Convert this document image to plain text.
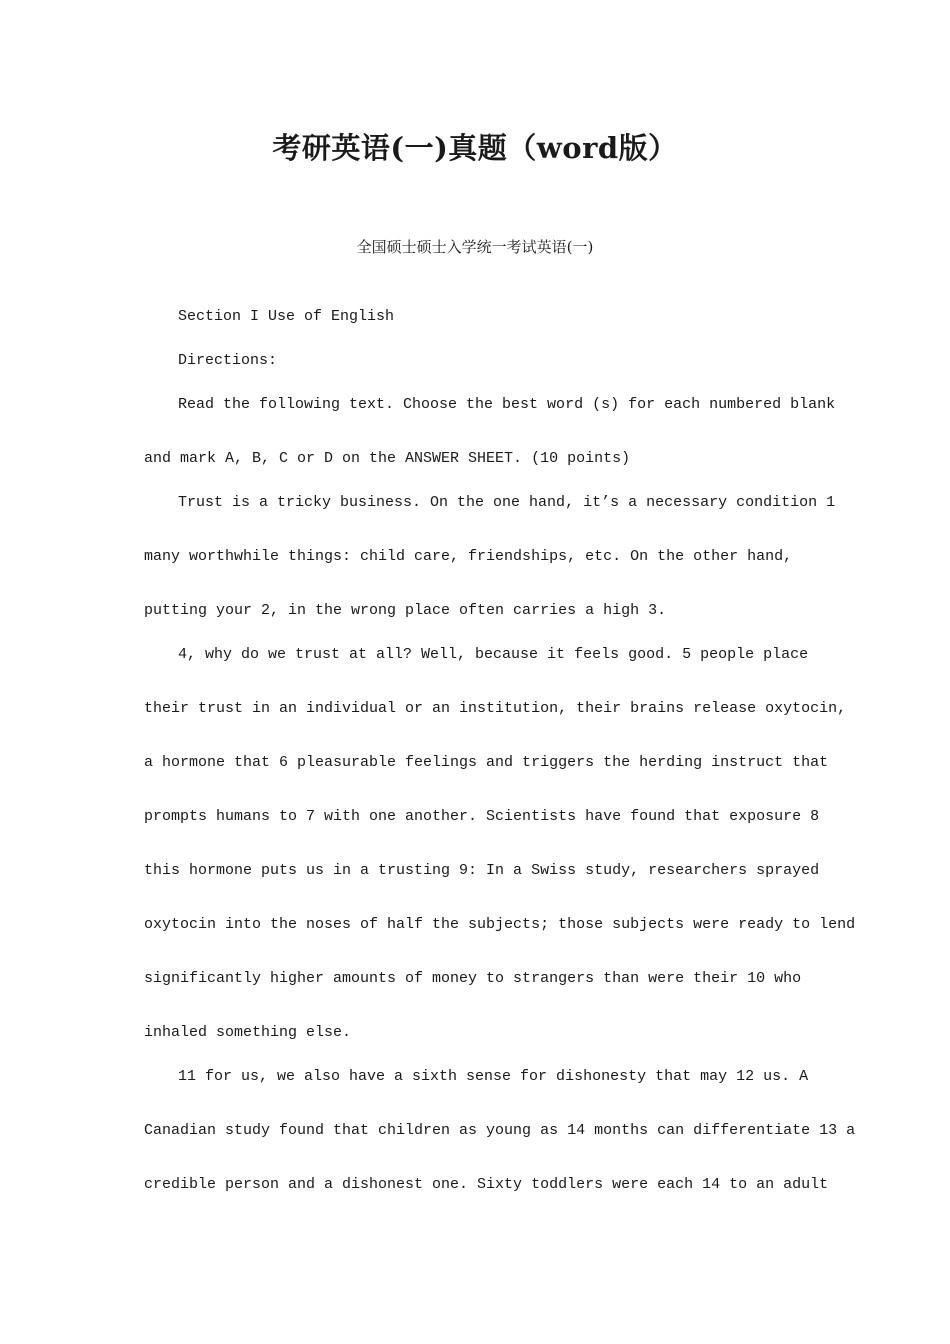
考研英语(一)真题（word版）

全国硕士硕士入学统一考试英语(一)

Section I Use of English

Directions:

Read the following text. Choose the best word (s) for each numbered blank

and mark A, B, C or D on the ANSWER SHEET. (10 points)

Trust is a tricky business. On the one hand, it’s a necessary condition 1

many worthwhile things: child care, friendships, etc. On the other hand,

putting your 2, in the wrong place often carries a high 3.

4, why do we trust at all? Well, because it feels good. 5 people place

their trust in an individual or an institution, their brains release oxytocin,

a hormone that 6 pleasurable feelings and triggers the herding instruct that

prompts humans to 7 with one another. Scientists have found that exposure 8

this hormone puts us in a trusting 9: In a Swiss study, researchers sprayed

oxytocin into the noses of half the subjects; those subjects were ready to lend

significantly higher amounts of money to strangers than were their 10 who

inhaled something else.

11 for us, we also have a sixth sense for dishonesty that may 12 us. A

Canadian study found that children as young as 14 months can differentiate 13 a

credible person and a dishonest one. Sixty toddlers were each 14 to an adult
